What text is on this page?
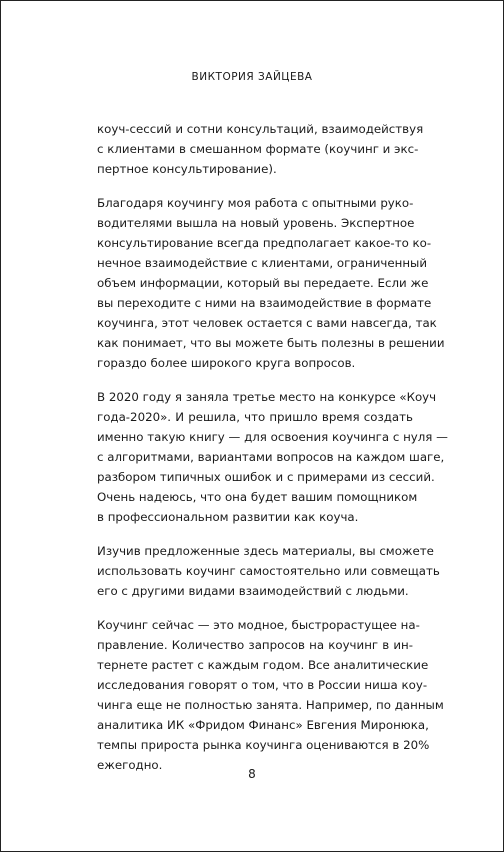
ВИКТОРИЯ ЗАЙЦЕВА

коуч-сессий и сотни консультаций, взаимодействуя
с клиентами в смешанном формате (коучинг и экс-
пертное консультирование).

Благодаря коучингу моя работа с опытными руко-
водителями вышла на новый уровень. Экспертное
консультирование всегда предполагает какое-то ко-
нечное взаимодействие с клиентами, ограниченный
объем информации, который вы передаете. Если же
вы переходите с ними на взаимодействие в формате
коучинга, этот человек остается с вами навсегда, так
как понимает, что вы можете быть полезны в решении
гораздо более широкого круга вопросов.

В 2020 году я заняла третье место на конкурсе «Коуч
года-2020». И решила, что пришло время создать
именно такую книгу — для освоения коучинга с нуля —
с алгоритмами, вариантами вопросов на каждом шаге,
разбором типичных ошибок и с примерами из сессий.
Очень надеюсь, что она будет вашим помощником
в профессиональном развитии как коуча.

Изучив предложенные здесь материалы, вы сможете
использовать коучинг самостоятельно или совмещать
его с другими видами взаимодействий с людьми.

Коучинг сейчас — это модное, быстрорастущее на-
правление. Количество запросов на коучинг в ин-
тернете растет с каждым годом. Все аналитические
исследования говорят о том, что в России ниша коу-
чинга еще не полностью занята. Например, по данным
аналитика ИК «Фридом Финанс» Евгения Миронюка,
темпы прироста рынка коучинга оцениваются в 20%
ежегодно.

8
